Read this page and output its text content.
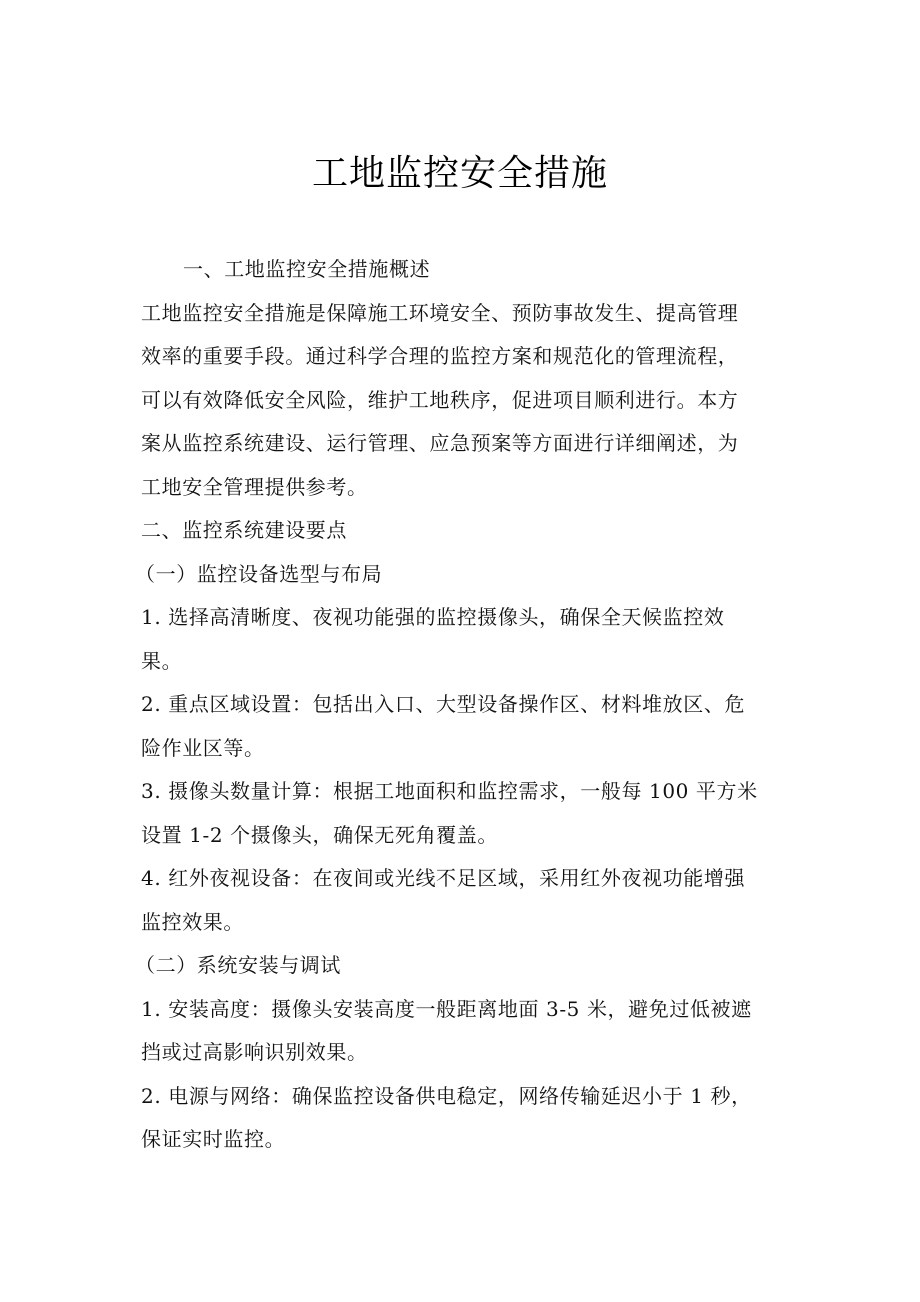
工地监控安全措施
一、工地监控安全措施概述
工地监控安全措施是保障施工环境安全、预防事故发生、提高管理
效率的重要手段。通过科学合理的监控方案和规范化的管理流程，
可以有效降低安全风险，维护工地秩序，促进项目顺利进行。本方
案从监控系统建设、运行管理、应急预案等方面进行详细阐述，为
工地安全管理提供参考。
二、监控系统建设要点
（一）监控设备选型与布局
1. 选择高清晰度、夜视功能强的监控摄像头，确保全天候监控效
果。
2. 重点区域设置：包括出入口、大型设备操作区、材料堆放区、危
险作业区等。
3. 摄像头数量计算：根据工地面积和监控需求，一般每 100 平方米
设置 1-2 个摄像头，确保无死角覆盖。
4. 红外夜视设备：在夜间或光线不足区域，采用红外夜视功能增强
监控效果。
（二）系统安装与调试
1. 安装高度：摄像头安装高度一般距离地面 3-5 米，避免过低被遮
挡或过高影响识别效果。
2. 电源与网络：确保监控设备供电稳定，网络传输延迟小于 1 秒，
保证实时监控。
